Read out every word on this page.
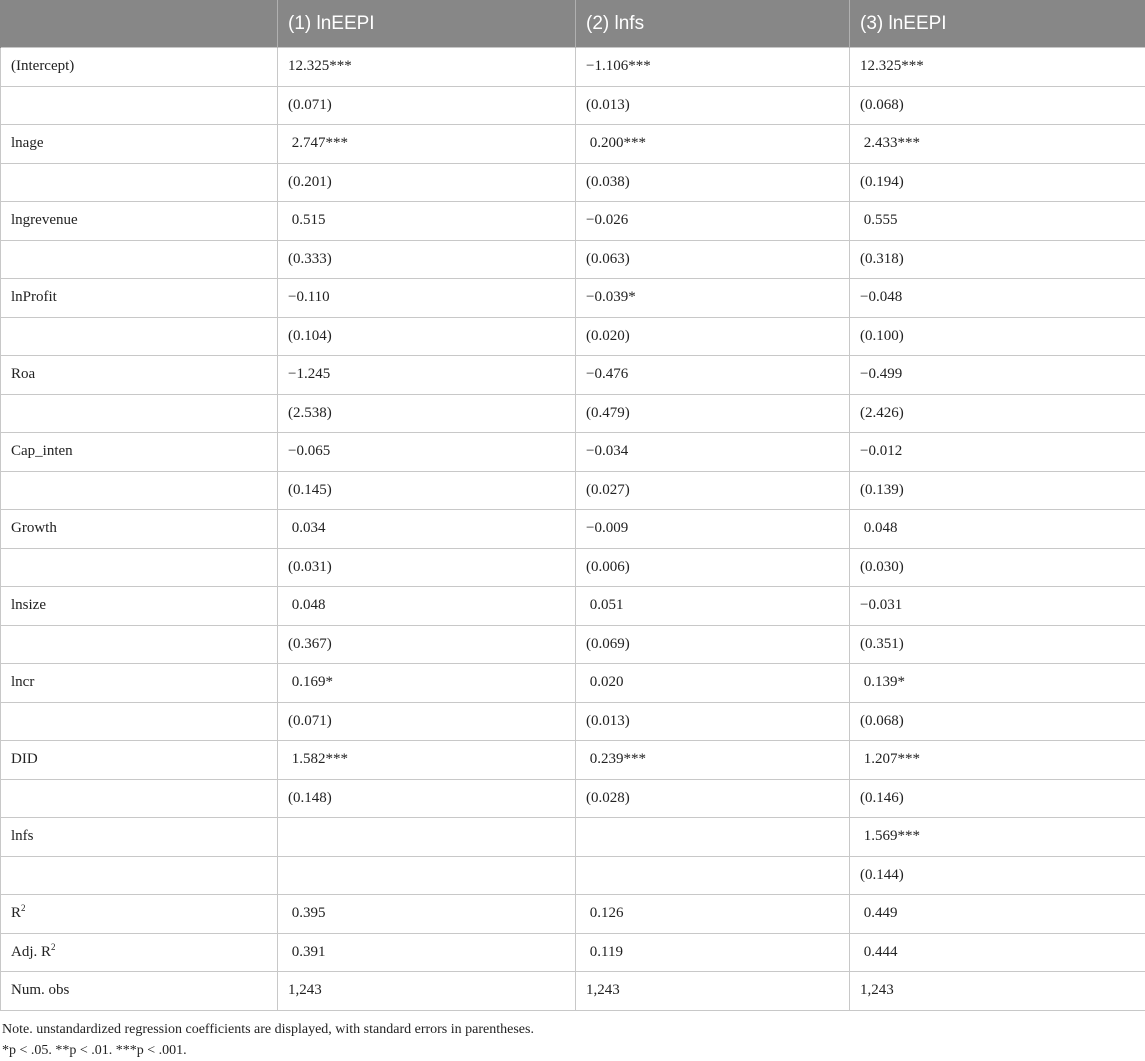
	(1) lnEEPI	(2) lnfs	(3) lnEEPI
(Intercept)	12.325***	−1.106***	12.325***
	(0.071)	(0.013)	(0.068)
lnage	2.747***	0.200***	2.433***
	(0.201)	(0.038)	(0.194)
lngrevenue	0.515	−0.026	0.555
	(0.333)	(0.063)	(0.318)
lnProfit	−0.110	−0.039*	−0.048
	(0.104)	(0.020)	(0.100)
Roa	−1.245	−0.476	−0.499
	(2.538)	(0.479)	(2.426)
Cap_inten	−0.065	−0.034	−0.012
	(0.145)	(0.027)	(0.139)
Growth	0.034	−0.009	0.048
	(0.031)	(0.006)	(0.030)
lnsize	0.048	0.051	−0.031
	(0.367)	(0.069)	(0.351)
lncr	0.169*	0.020	0.139*
	(0.071)	(0.013)	(0.068)
DID	1.582***	0.239***	1.207***
	(0.148)	(0.028)	(0.146)
lnfs			1.569***
			(0.144)
$R^2$	0.395	0.126	0.449
Adj. $R^2$	0.391	0.119	0.444
Num. obs	1,243	1,243	1,243
Note. unstandardized regression coefficients are displayed, with standard errors in parentheses.
*p < .05. **p < .01. ***p < .001.
